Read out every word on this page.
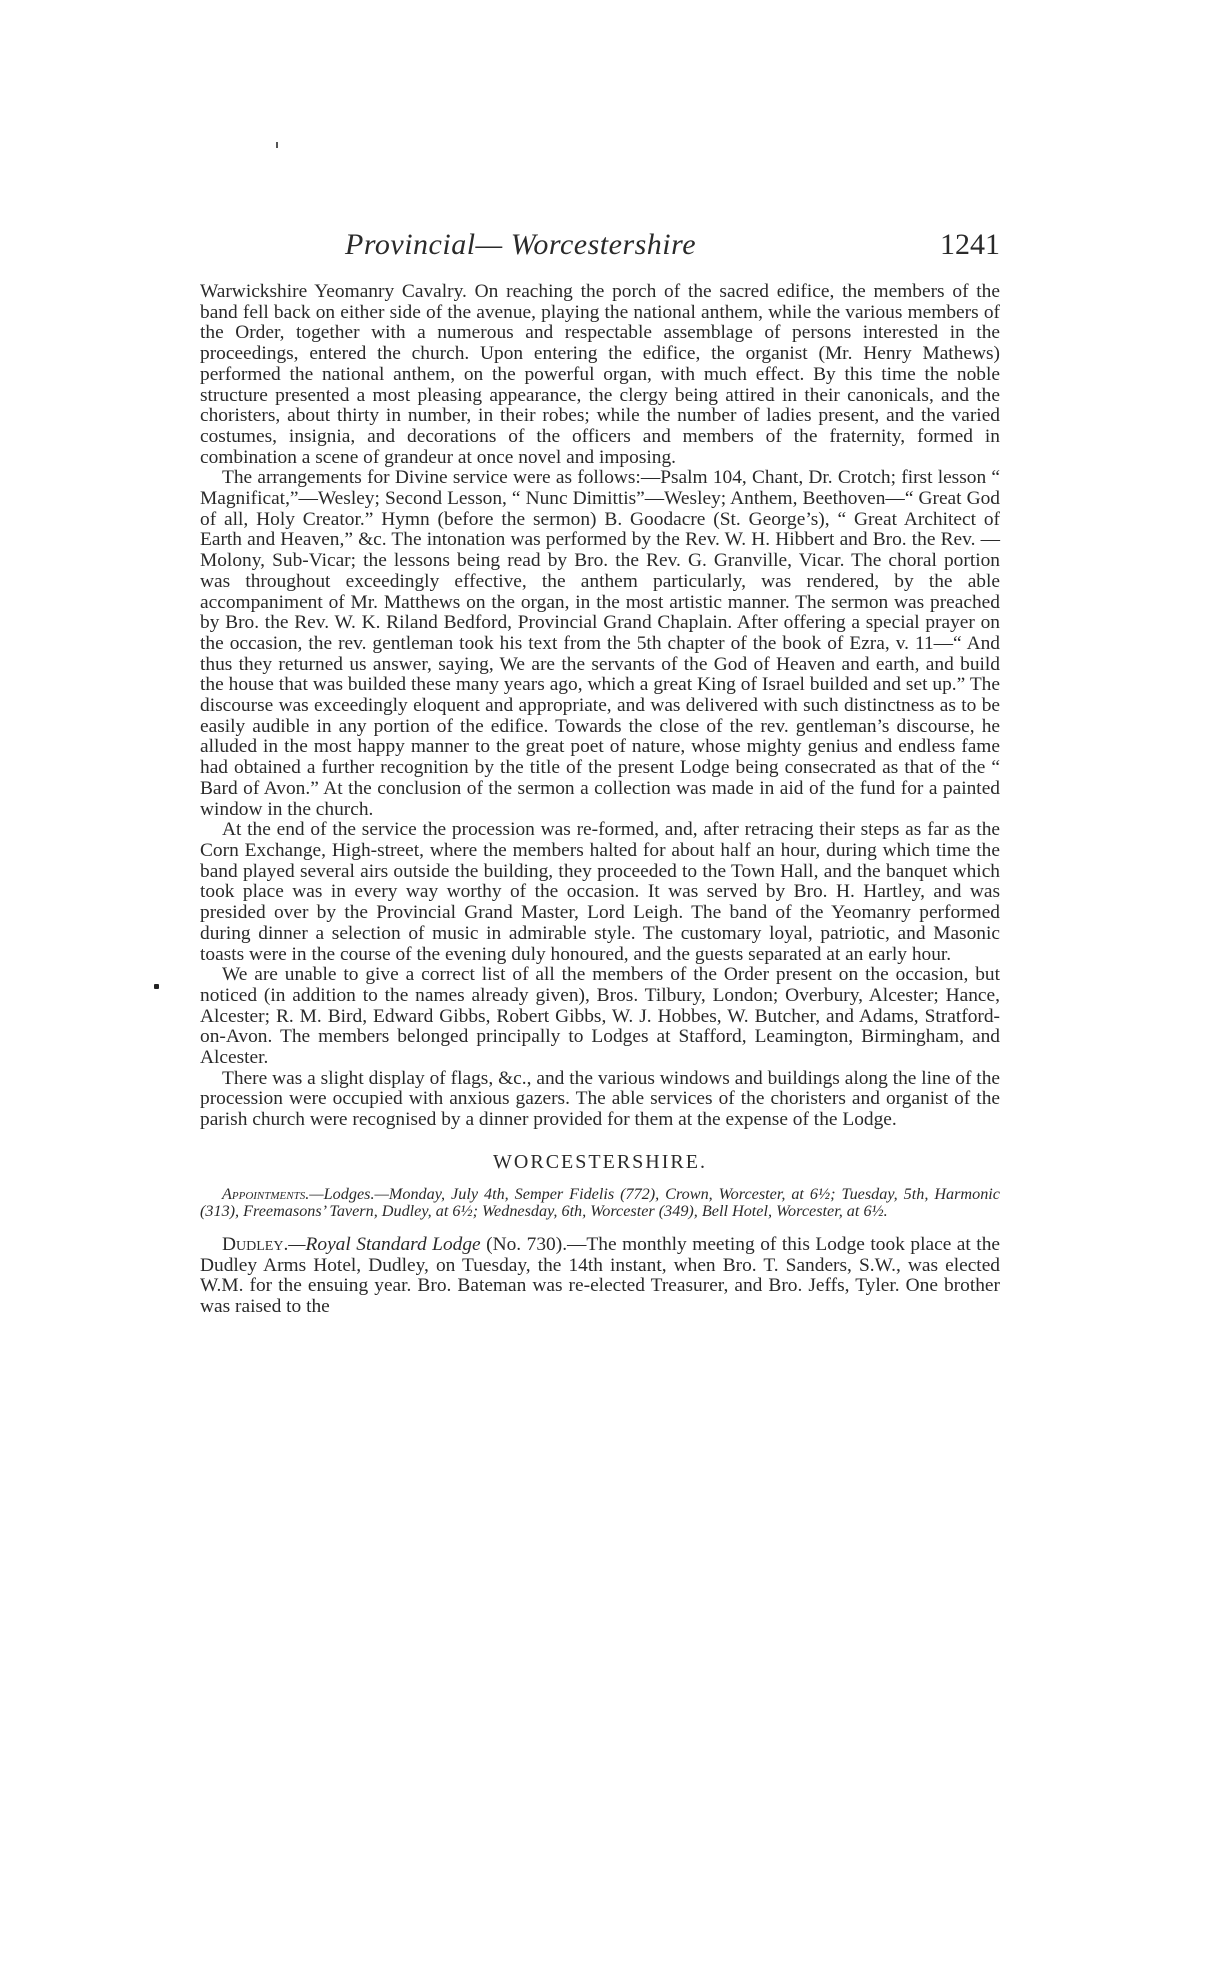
Provincial— Worcestershire	1241

Warwickshire Yeomanry Cavalry. On reaching the porch of the sacred edifice, the members of the band fell back on either side of the avenue, playing the national anthem, while the various members of the Order, together with a numerous and respectable assemblage of persons interested in the proceedings, entered the church. Upon entering the edifice, the organist (Mr. Henry Mathews) performed the national anthem, on the powerful organ, with much effect. By this time the noble structure presented a most pleasing appearance, the clergy being attired in their canonicals, and the choristers, about thirty in number, in their robes; while the number of ladies present, and the varied costumes, insignia, and decorations of the officers and members of the fraternity, formed in combination a scene of grandeur at once novel and imposing.

The arrangements for Divine service were as follows:—Psalm 104, Chant, Dr. Crotch; first lesson “ Magnificat,”—Wesley; Second Lesson, “ Nunc Dimittis”—Wesley; Anthem, Beethoven—“ Great God of all, Holy Creator.” Hymn (before the sermon) B. Goodacre (St. George’s), “ Great Architect of Earth and Heaven,” &c. The intonation was performed by the Rev. W. H. Hibbert and Bro. the Rev. —Molony, Sub-Vicar; the lessons being read by Bro. the Rev. G. Granville, Vicar. The choral portion was throughout exceedingly effective, the anthem particularly, was rendered, by the able accompaniment of Mr. Matthews on the organ, in the most artistic manner. The sermon was preached by Bro. the Rev. W. K. Riland Bedford, Provincial Grand Chaplain. After offering a special prayer on the occasion, the rev. gentleman took his text from the 5th chapter of the book of Ezra, v. 11—“ And thus they returned us answer, saying, We are the servants of the God of Heaven and earth, and build the house that was builded these many years ago, which a great King of Israel builded and set up.” The discourse was exceedingly eloquent and appropriate, and was delivered with such distinctness as to be easily audible in any portion of the edifice. Towards the close of the rev. gentleman’s discourse, he alluded in the most happy manner to the great poet of nature, whose mighty genius and endless fame had obtained a further recognition by the title of the present Lodge being consecrated as that of the “ Bard of Avon.” At the conclusion of the sermon a collection was made in aid of the fund for a painted window in the church.

At the end of the service the procession was re-formed, and, after retracing their steps as far as the Corn Exchange, High-street, where the members halted for about half an hour, during which time the band played several airs outside the building, they proceeded to the Town Hall, and the banquet which took place was in every way worthy of the occasion. It was served by Bro. H. Hartley, and was presided over by the Provincial Grand Master, Lord Leigh. The band of the Yeomanry performed during dinner a selection of music in admirable style. The customary loyal, patriotic, and Masonic toasts were in the course of the evening duly honoured, and the guests separated at an early hour.

We are unable to give a correct list of all the members of the Order present on the occasion, but noticed (in addition to the names already given), Bros. Tilbury, London; Overbury, Alcester; Hance, Alcester; R. M. Bird, Edward Gibbs, Robert Gibbs, W. J. Hobbes, W. Butcher, and Adams, Stratford-on-Avon. The members belonged principally to Lodges at Stafford, Leamington, Birmingham, and Alcester.

There was a slight display of flags, &c., and the various windows and buildings along the line of the procession were occupied with anxious gazers. The able services of the choristers and organist of the parish church were recognised by a dinner provided for them at the expense of the Lodge.

WORCESTERSHIRE.

Appointments.—Lodges.—Monday, July 4th, Semper Fidelis (772), Crown, Worcester, at 6½; Tuesday, 5th, Harmonic (313), Freemasons’ Tavern, Dudley, at 6½; Wednesday, 6th, Worcester (349), Bell Hotel, Worcester, at 6½.

Dudley.—Royal Standard Lodge (No. 730).—The monthly meeting of this Lodge took place at the Dudley Arms Hotel, Dudley, on Tuesday, the 14th instant, when Bro. T. Sanders, S.W., was elected W.M. for the ensuing year. Bro. Bateman was re-elected Treasurer, and Bro. Jeffs, Tyler. One brother was raised to the
